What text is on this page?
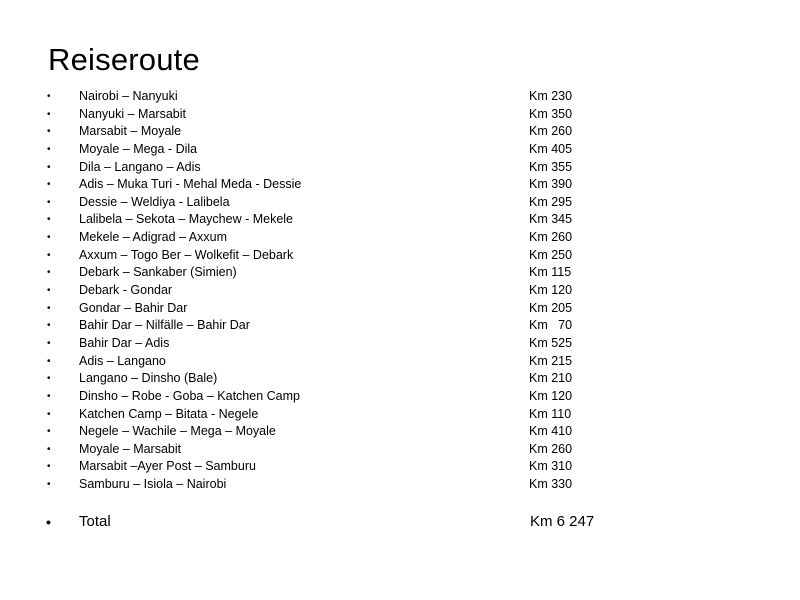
Reiseroute
• Nairobi – Nanyuki	Km 230
• Nanyuki – Marsabit	Km 350
• Marsabit – Moyale	Km 260
• Moyale – Mega - Dila	Km 405
• Dila – Langano – Adis	Km 355
• Adis – Muka Turi - Mehal Meda - Dessie	Km 390
• Dessie – Weldiya - Lalibela	Km 295
• Lalibela – Sekota – Maychew - Mekele	Km 345
• Mekele – Adigrad – Axxum	Km 260
• Axxum – Togo Ber – Wolkefit – Debark	Km 250
• Debark – Sankaber (Simien)	Km 115
• Debark - Gondar	Km 120
• Gondar – Bahir Dar	Km 205
• Bahir Dar – Nilfälle – Bahir Dar	Km   70
• Bahir Dar – Adis	Km 525
• Adis – Langano	Km 215
• Langano – Dinsho (Bale)	Km 210
• Dinsho – Robe - Goba – Katchen Camp	Km 120
• Katchen Camp – Bitata - Negele	Km 110
• Negele – Wachile – Mega – Moyale	Km 410
• Moyale – Marsabit	Km 260
• Marsabit –Ayer Post – Samburu	Km 310
• Samburu – Isiola – Nairobi	Km 330
• Total	Km 6 247
